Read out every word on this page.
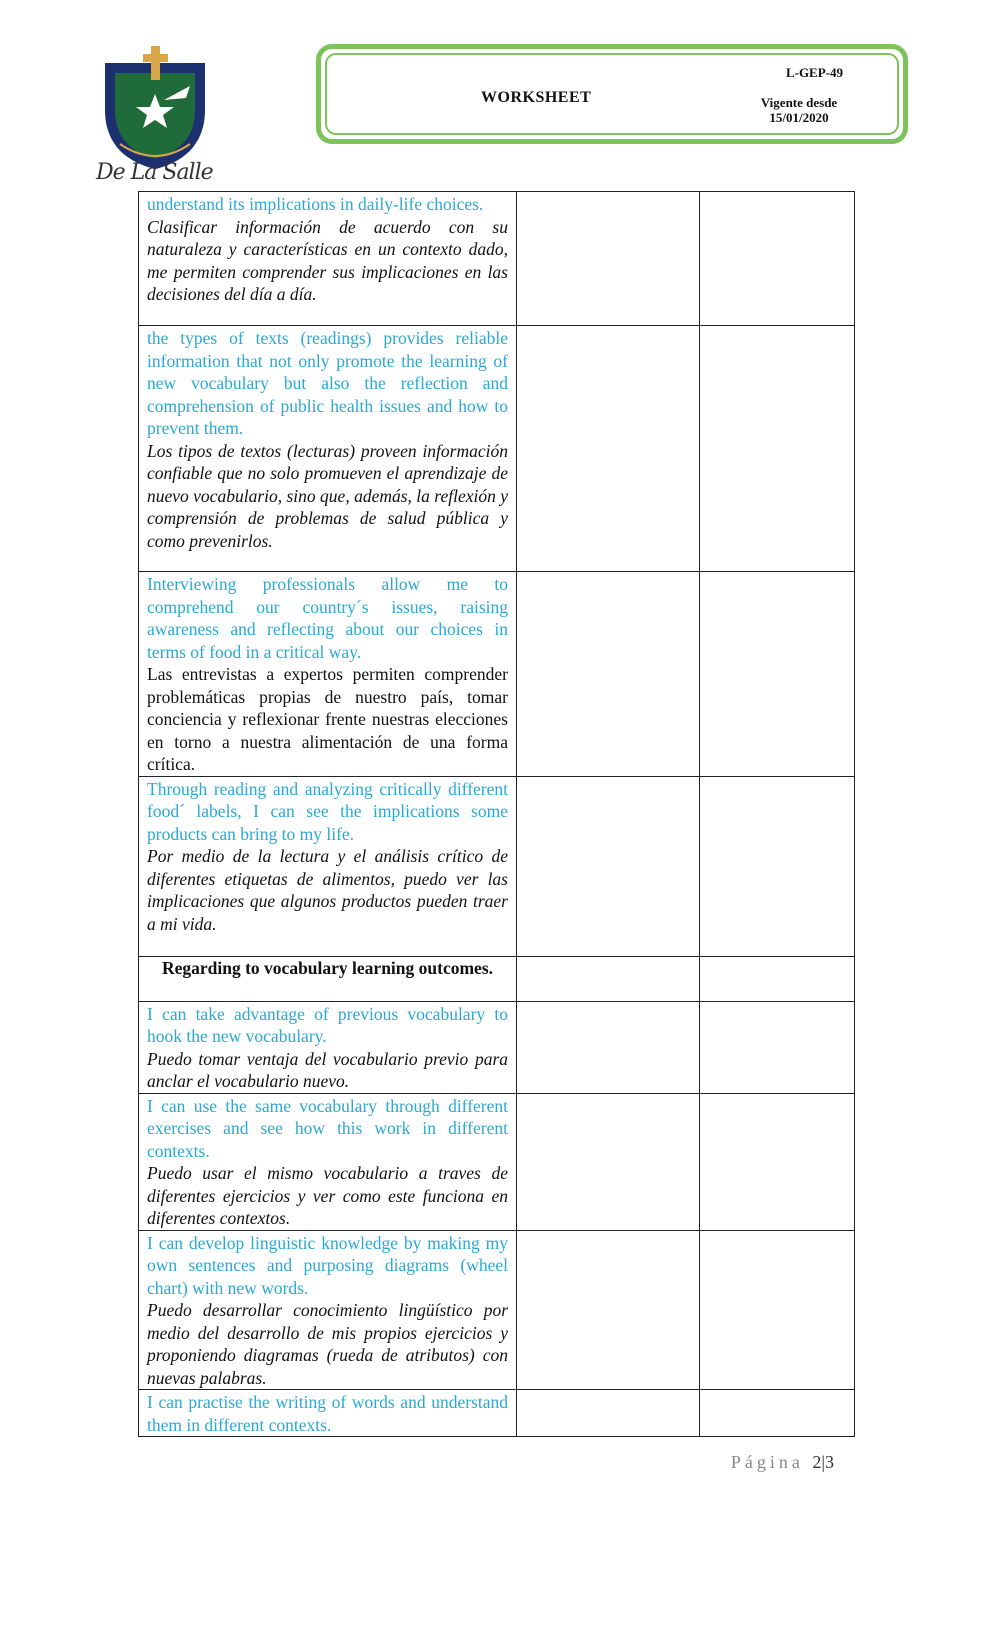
De La Salle
WORKSHEET
L-GEP-49
Vigente desde
15/01/2020
understand its implications in daily-life choices.
Clasificar información de acuerdo con su naturaleza y características en un contexto dado, me permiten comprender sus implicaciones en las decisiones del día a día.		

the types of texts (readings) provides reliable information that not only promote the learning of new vocabulary but also the reflection and comprehension of public health issues and how to prevent them.
Los tipos de textos (lecturas) proveen información confiable que no solo promueven el aprendizaje de nuevo vocabulario, sino que, además, la reflexión y comprensión de problemas de salud pública y como prevenirlos.		

Interviewing professionals allow me to comprehend our country´s issues, raising awareness and reflecting about our choices in terms of food in a critical way.
Las entrevistas a expertos permiten comprender problemáticas propias de nuestro país, tomar conciencia y reflexionar frente nuestras elecciones en torno a nuestra alimentación de una forma crítica.		

Through reading and analyzing critically different food´ labels, I can see the implications some products can bring to my life.
Por medio de la lectura y el análisis crítico de diferentes etiquetas de alimentos, puedo ver las implicaciones que algunos productos pueden traer a mi vida.		

Regarding to vocabulary learning outcomes.		

I can take advantage of previous vocabulary to hook the new vocabulary.
Puedo tomar ventaja del vocabulario previo para anclar el vocabulario nuevo.		

I can use the same vocabulary through different exercises and see how this work in different contexts.
Puedo usar el mismo vocabulario a traves de diferentes ejercicios y ver como este funciona en diferentes contextos.		

I can develop linguistic knowledge by making my own sentences and purposing diagrams (wheel chart) with new words.
Puedo desarrollar conocimiento lingüístico por medio del desarrollo de mis propios ejercicios y proponiendo diagramas (rueda de atributos) con nuevas palabras.		

I can practise the writing of words and understand them in different contexts.		

Página 2|3
